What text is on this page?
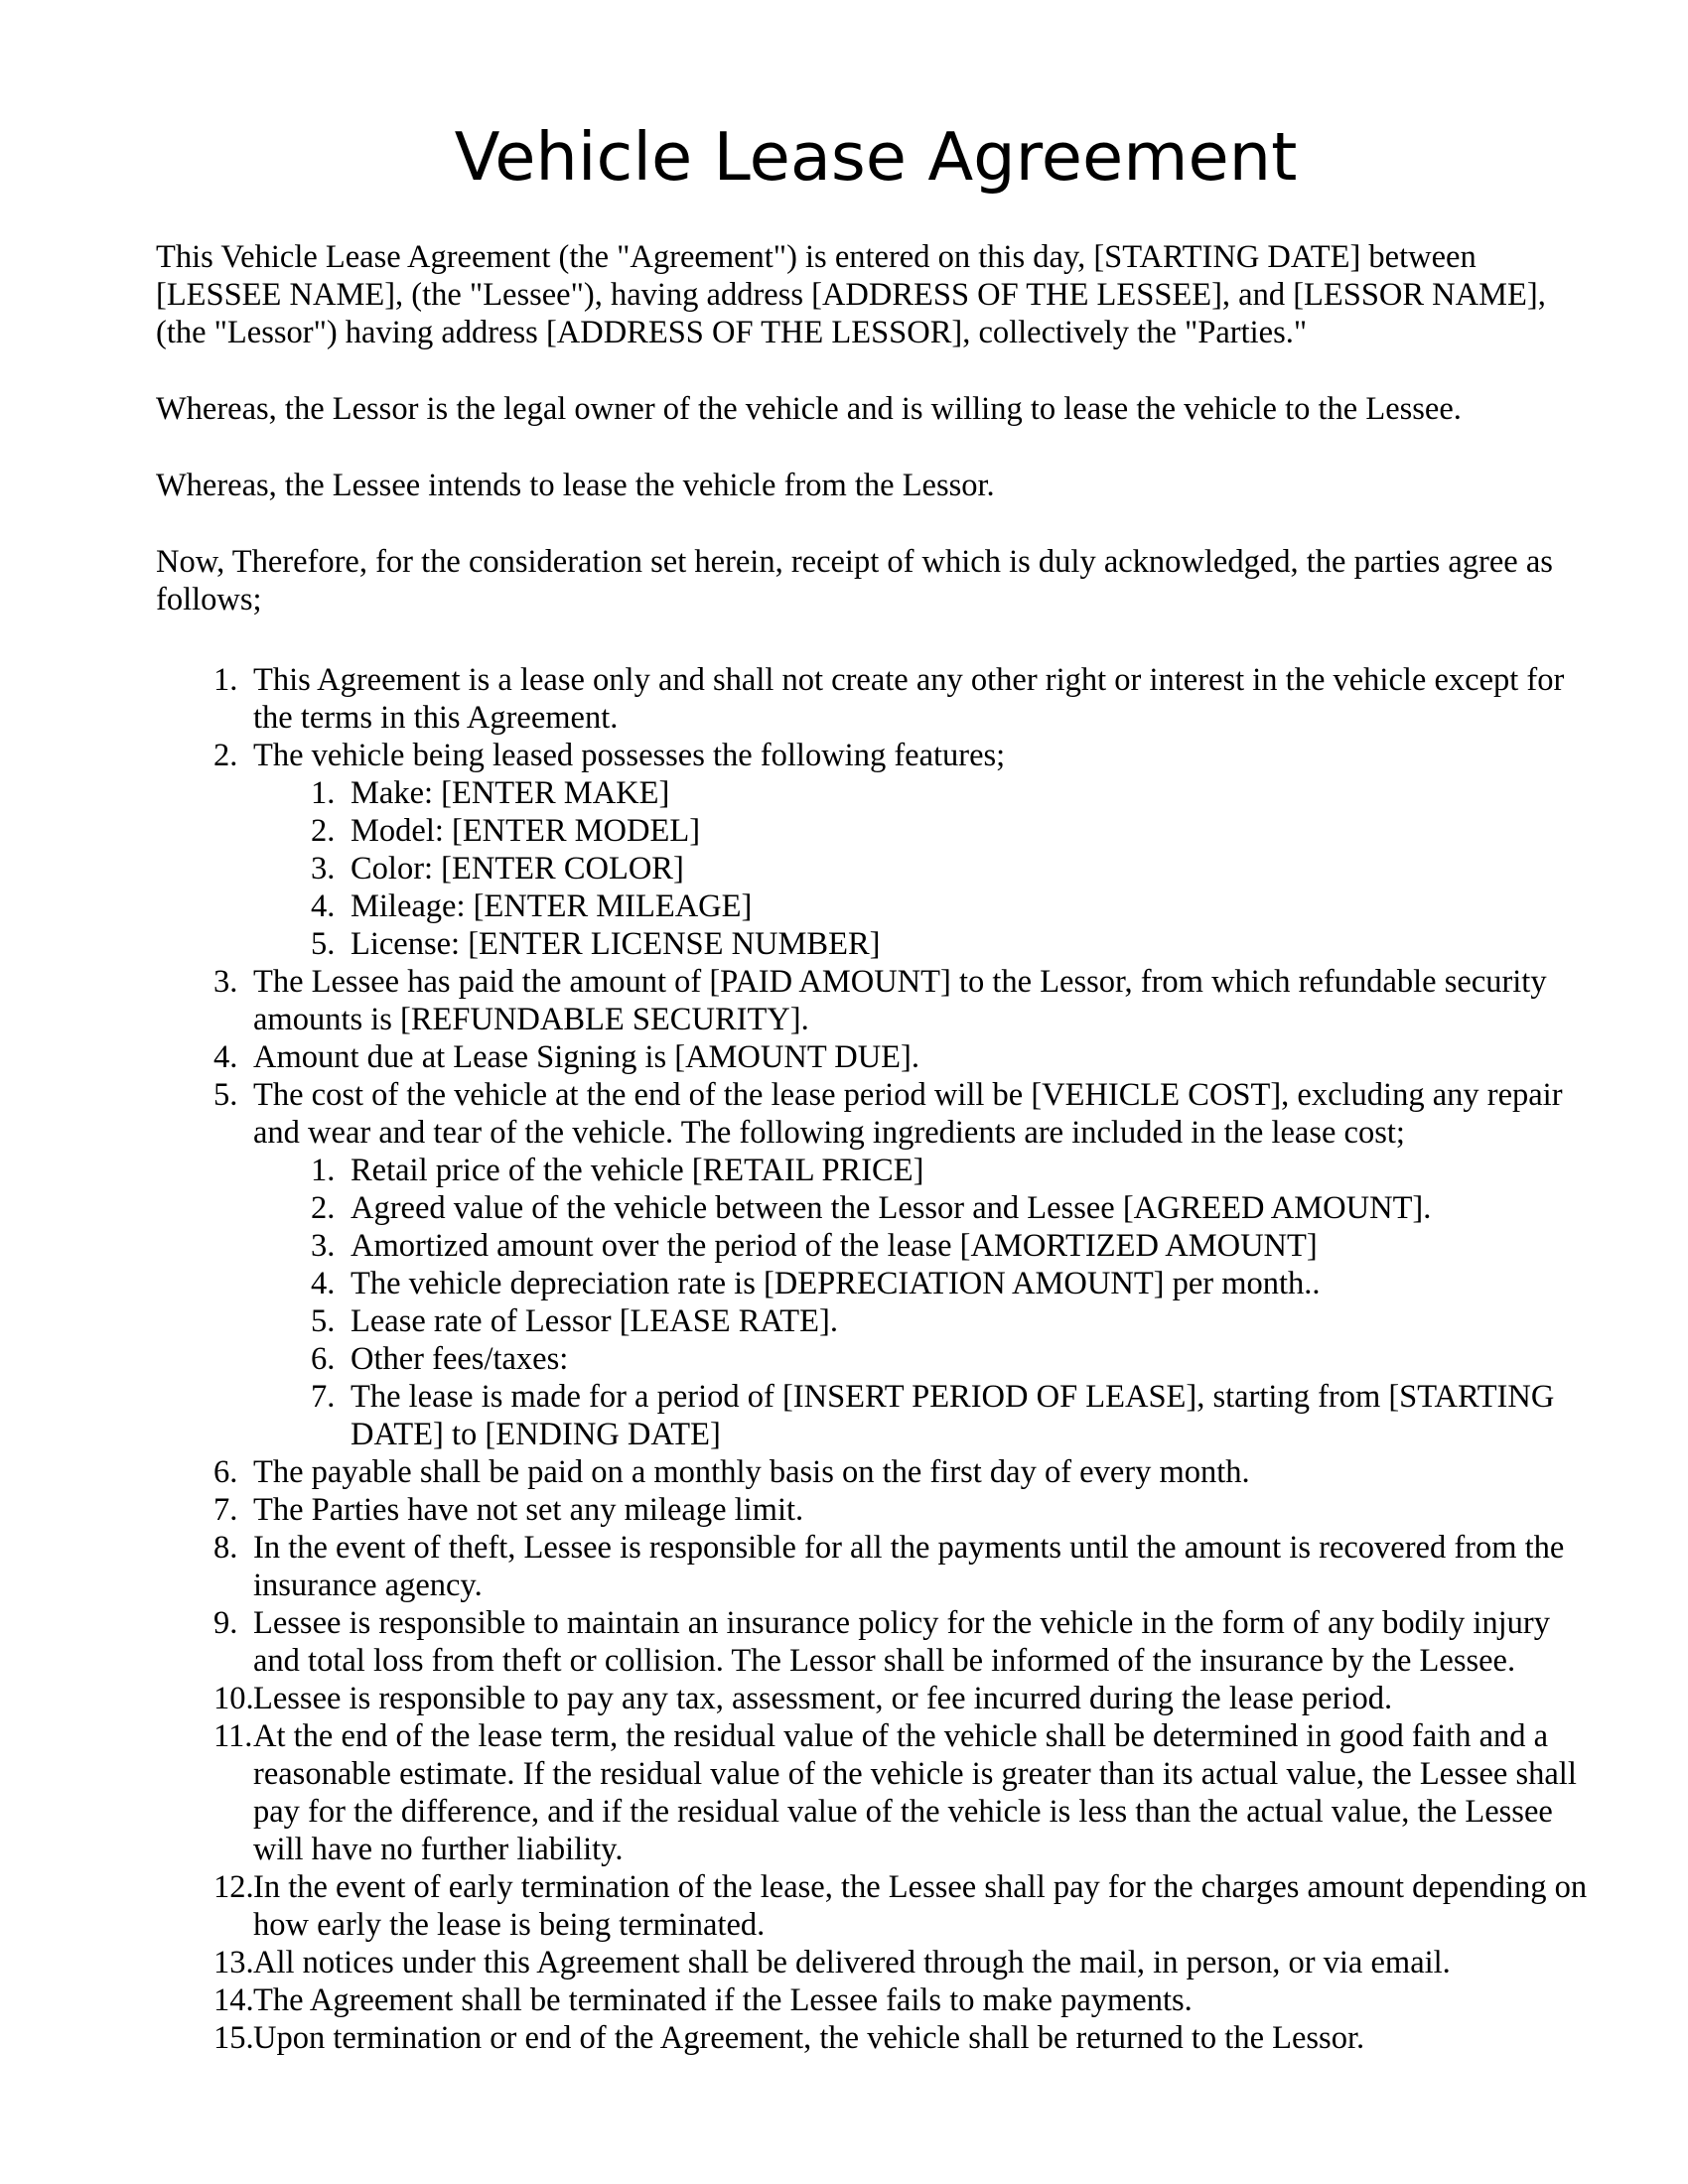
Vehicle Lease Agreement

This Vehicle Lease Agreement (the "Agreement") is entered on this day, [STARTING DATE] between [LESSEE NAME], (the "Lessee"), having address [ADDRESS OF THE LESSEE], and [LESSOR NAME], (the "Lessor") having address [ADDRESS OF THE LESSOR], collectively the "Parties."

Whereas, the Lessor is the legal owner of the vehicle and is willing to lease the vehicle to the Lessee.

Whereas, the Lessee intends to lease the vehicle from the Lessor.

Now, Therefore, for the consideration set herein, receipt of which is duly acknowledged, the parties agree as follows;

1. This Agreement is a lease only and shall not create any other right or interest in the vehicle except for the terms in this Agreement.
2. The vehicle being leased possesses the following features;
1. Make: [ENTER MAKE]
2. Model: [ENTER MODEL]
3. Color: [ENTER COLOR]
4. Mileage: [ENTER MILEAGE]
5. License: [ENTER LICENSE NUMBER]
3. The Lessee has paid the amount of [PAID AMOUNT] to the Lessor, from which refundable security amounts is [REFUNDABLE SECURITY].
4. Amount due at Lease Signing is [AMOUNT DUE].
5. The cost of the vehicle at the end of the lease period will be [VEHICLE COST], excluding any repair and wear and tear of the vehicle. The following ingredients are included in the lease cost;
1. Retail price of the vehicle [RETAIL PRICE]
2. Agreed value of the vehicle between the Lessor and Lessee [AGREED AMOUNT].
3. Amortized amount over the period of the lease [AMORTIZED AMOUNT]
4. The vehicle depreciation rate is [DEPRECIATION AMOUNT] per month..
5. Lease rate of Lessor [LEASE RATE].
6. Other fees/taxes:
7. The lease is made for a period of [INSERT PERIOD OF LEASE], starting from [STARTING DATE] to [ENDING DATE]
6. The payable shall be paid on a monthly basis on the first day of every month.
7. The Parties have not set any mileage limit.
8. In the event of theft, Lessee is responsible for all the payments until the amount is recovered from the insurance agency.
9. Lessee is responsible to maintain an insurance policy for the vehicle in the form of any bodily injury and total loss from theft or collision. The Lessor shall be informed of the insurance by the Lessee.
10. Lessee is responsible to pay any tax, assessment, or fee incurred during the lease period.
11. At the end of the lease term, the residual value of the vehicle shall be determined in good faith and a reasonable estimate. If the residual value of the vehicle is greater than its actual value, the Lessee shall pay for the difference, and if the residual value of the vehicle is less than the actual value, the Lessee will have no further liability.
12. In the event of early termination of the lease, the Lessee shall pay for the charges amount depending on how early the lease is being terminated.
13. All notices under this Agreement shall be delivered through the mail, in person, or via email.
14. The Agreement shall be terminated if the Lessee fails to make payments.
15. Upon termination or end of the Agreement, the vehicle shall be returned to the Lessor.
